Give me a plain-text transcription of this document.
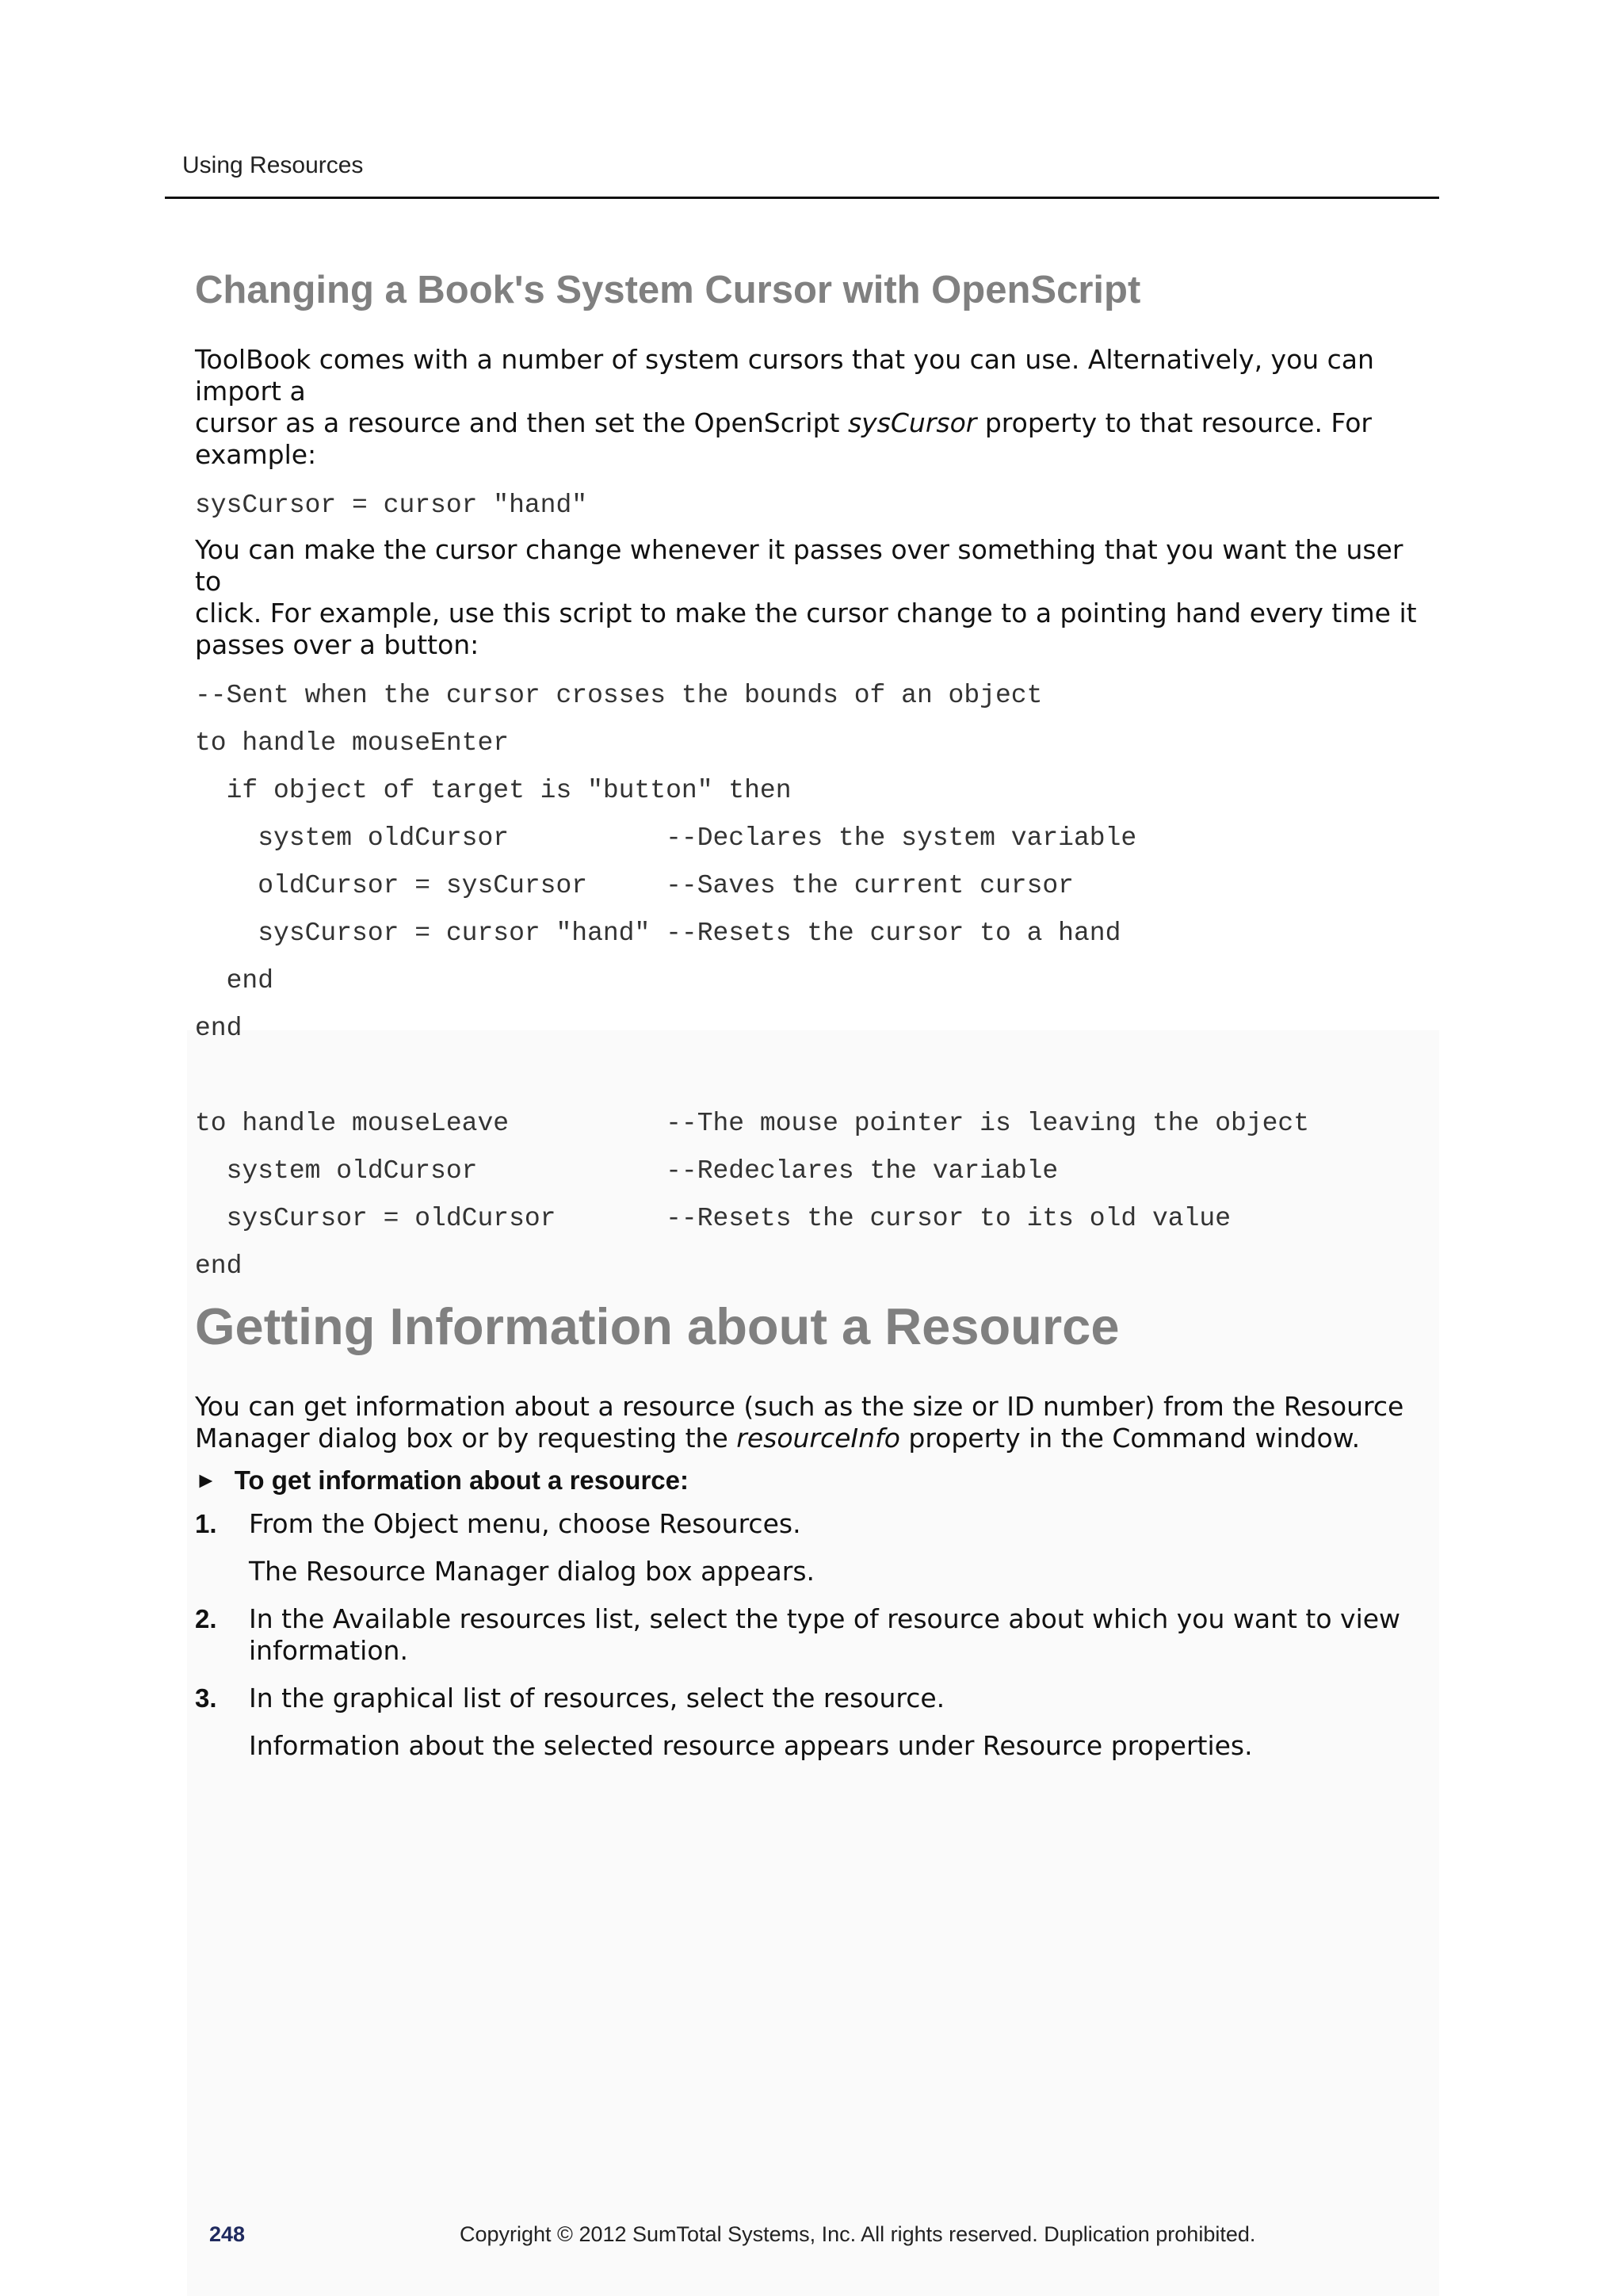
Using Resources
Changing a Book's System Cursor with OpenScript

ToolBook comes with a number of system cursors that you can use. Alternatively, you can import a
cursor as a resource and then set the OpenScript sysCursor property to that resource. For
example:

sysCursor = cursor "hand"

You can make the cursor change whenever it passes over something that you want the user to
click. For example, use this script to make the cursor change to a pointing hand every time it
passes over a button:

--Sent when the cursor crosses the bounds of an object
to handle mouseEnter
if object of target is "button" then
system oldCursor          --Declares the system variable
oldCursor = sysCursor     --Saves the current cursor
sysCursor = cursor "hand" --Resets the cursor to a hand
end
end

to handle mouseLeave          --The mouse pointer is leaving the object
system oldCursor            --Redeclares the variable
sysCursor = oldCursor       --Resets the cursor to its old value
end
Getting Information about a Resource

You can get information about a resource (such as the size or ID number) from the Resource
Manager dialog box or by requesting the resourceInfo property in the Command window.

► To get information about a resource:
1.	From the Object menu, choose Resources.
The Resource Manager dialog box appears.
2.	In the Available resources list, select the type of resource about which you want to view
information.
3.	In the graphical list of resources, select the resource.
Information about the selected resource appears under Resource properties.
248	Copyright © 2012 SumTotal Systems, Inc. All rights reserved. Duplication prohibited.
